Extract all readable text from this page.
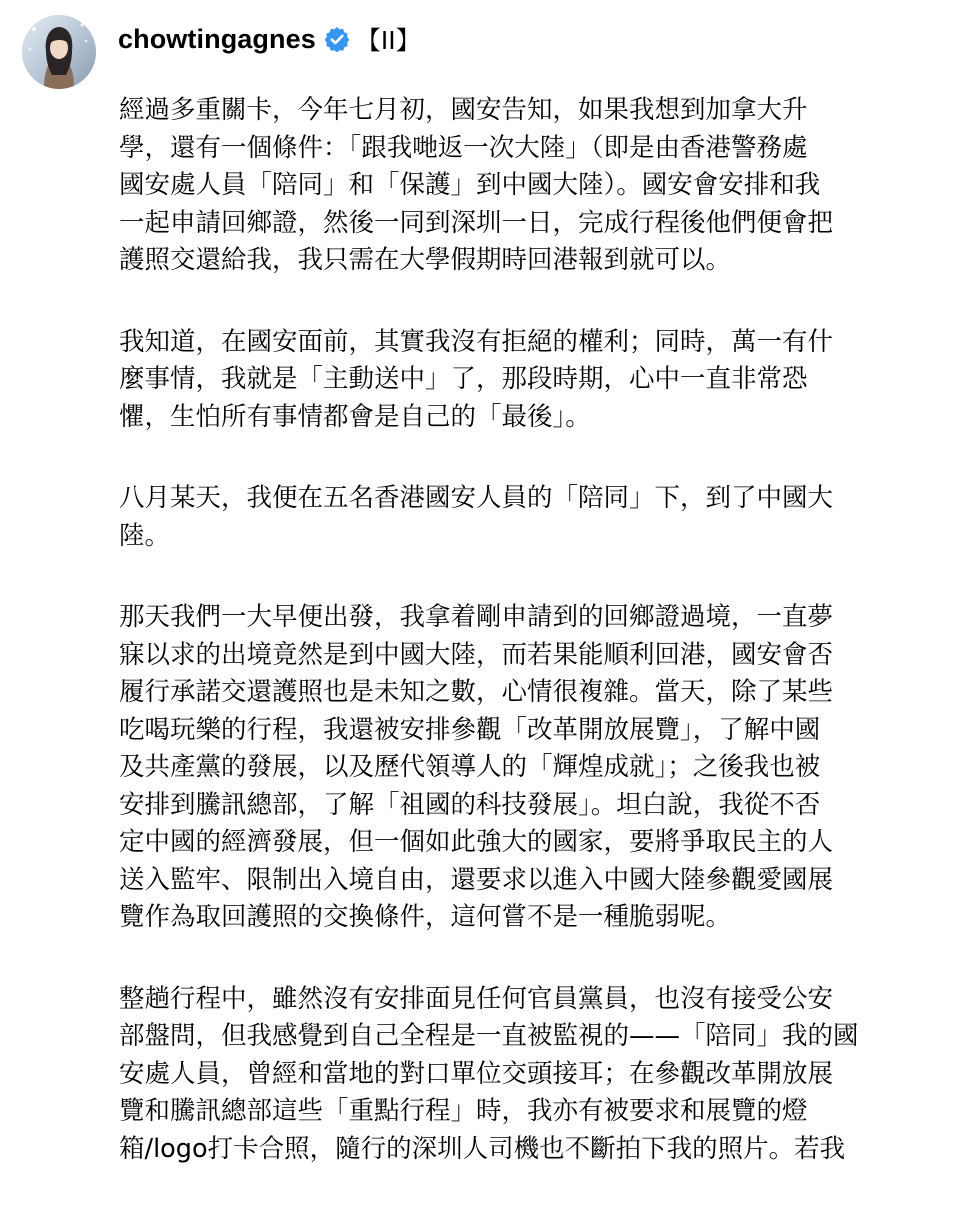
chowtingagnes 【II】

經過多重關卡，今年七月初，國安告知，如果我想到加拿大升
學，還有一個條件：「跟我哋返一次大陸」（即是由香港警務處
國安處人員「陪同」和「保護」到中國大陸）。國安會安排和我
一起申請回鄉證，然後一同到深圳一日，完成行程後他們便會把
護照交還給我，我只需在大學假期時回港報到就可以。

我知道，在國安面前，其實我沒有拒絕的權利；同時，萬一有什
麼事情，我就是「主動送中」了，那段時期，心中一直非常恐
懼，生怕所有事情都會是自己的「最後」。

八月某天，我便在五名香港國安人員的「陪同」下，到了中國大
陸。

那天我們一大早便出發，我拿着剛申請到的回鄉證過境，一直夢
寐以求的出境竟然是到中國大陸，而若果能順利回港，國安會否
履行承諾交還護照也是未知之數，心情很複雜。當天，除了某些
吃喝玩樂的行程，我還被安排參觀「改革開放展覽」，了解中國
及共產黨的發展，以及歷代領導人的「輝煌成就」；之後我也被
安排到騰訊總部，了解「祖國的科技發展」。坦白說，我從不否
定中國的經濟發展，但一個如此強大的國家，要將爭取民主的人
送入監牢、限制出入境自由，還要求以進入中國大陸參觀愛國展
覽作為取回護照的交換條件，這何嘗不是一種脆弱呢。

整趟行程中，雖然沒有安排面見任何官員黨員，也沒有接受公安
部盤問，但我感覺到自己全程是一直被監視的——「陪同」我的國
安處人員，曾經和當地的對口單位交頭接耳；在參觀改革開放展
覽和騰訊總部這些「重點行程」時，我亦有被要求和展覽的燈
箱/logo打卡合照，隨行的深圳人司機也不斷拍下我的照片。若我
